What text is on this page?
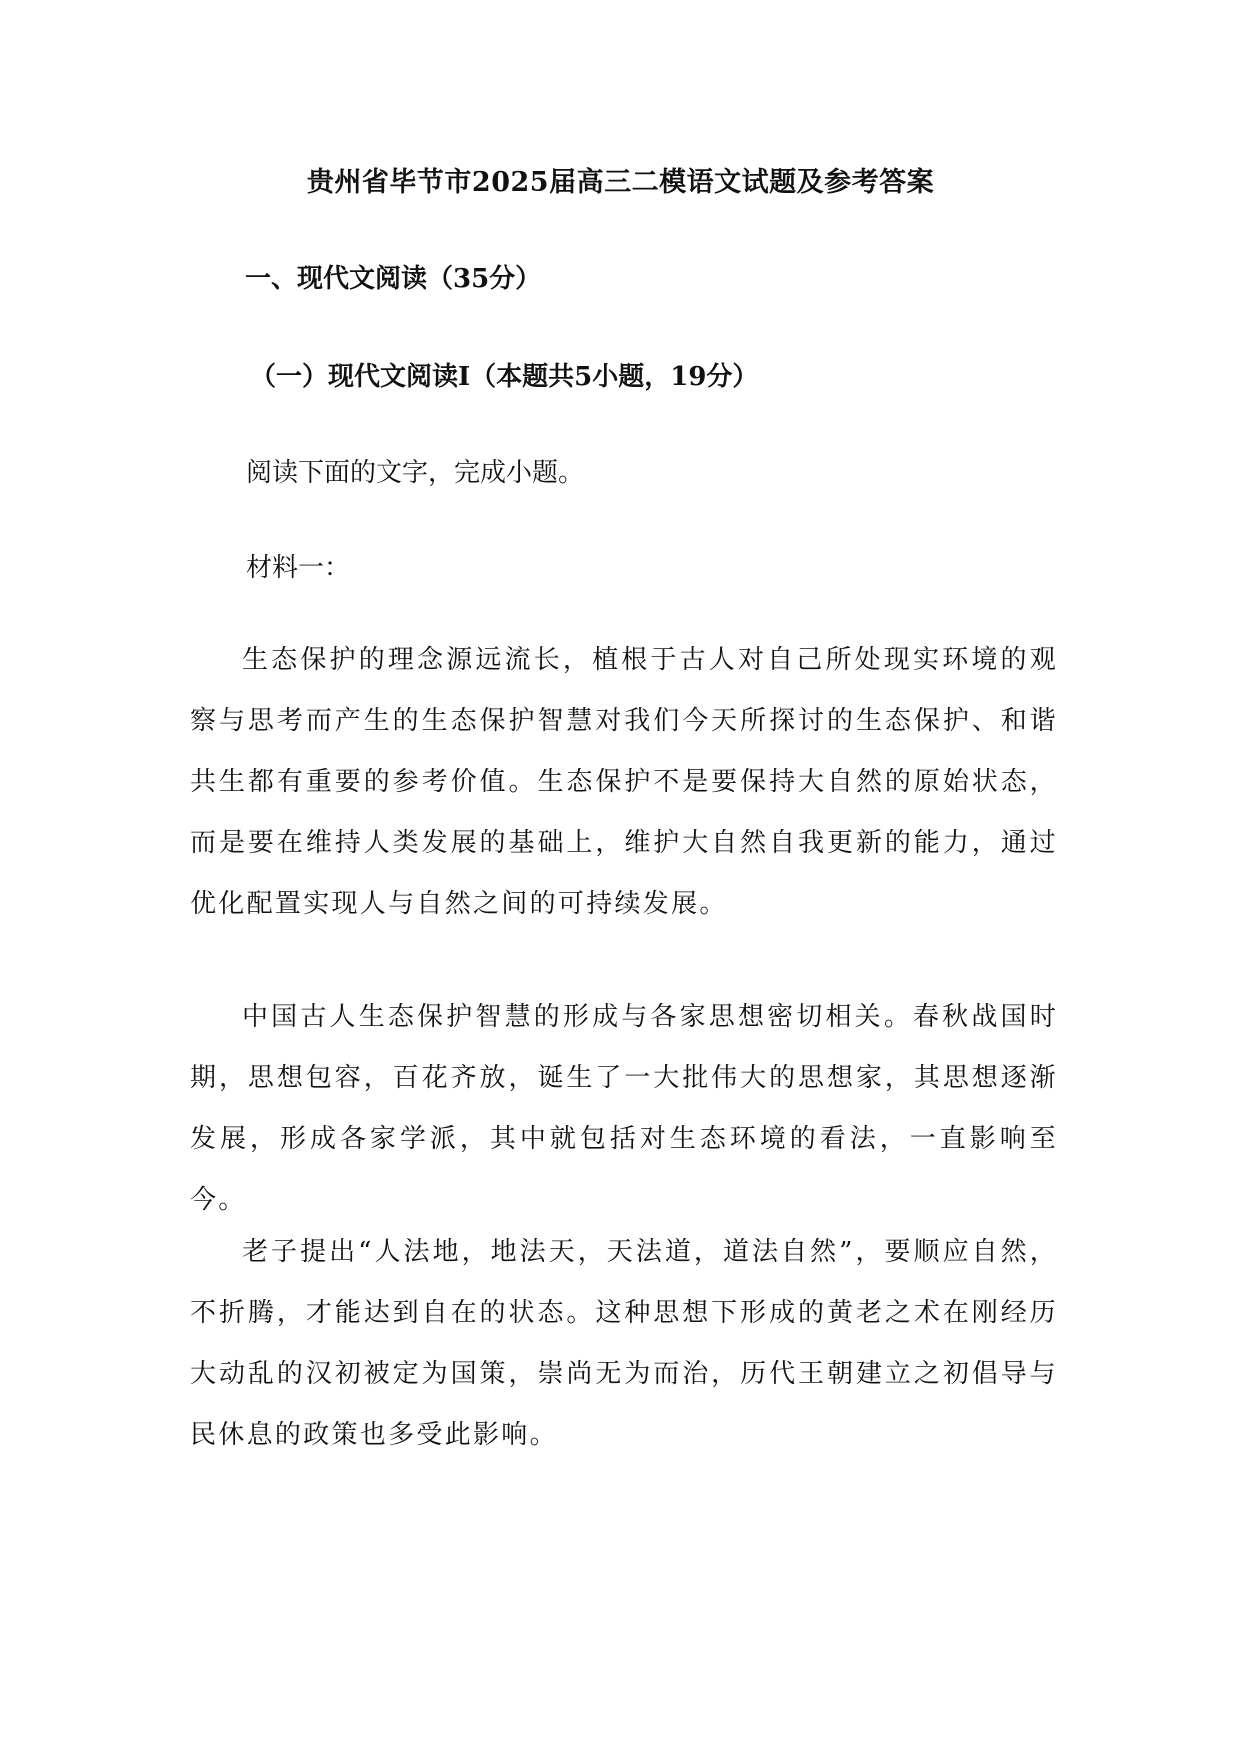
贵州省毕节市2025届高三二模语文试题及参考答案
一、现代文阅读（35分）
（一）现代文阅读Ⅰ（本题共5小题，19分）
阅读下面的文字，完成小题。
材料一：

生态保护的理念源远流长，植根于古人对自己所处现实环境的观察与思考而产生的生态保护智慧对我们今天所探讨的生态保护、和谐共生都有重要的参考价值。生态保护不是要保持大自然的原始状态，而是要在维持人类发展的基础上，维护大自然自我更新的能力，通过优化配置实现人与自然之间的可持续发展。

中国古人生态保护智慧的形成与各家思想密切相关。春秋战国时期，思想包容，百花齐放，诞生了一大批伟大的思想家，其思想逐渐发展，形成各家学派，其中就包括对生态环境的看法，一直影响至今。

老子提出“人法地，地法天，天法道，道法自然”，要顺应自然，不折腾，才能达到自在的状态。这种思想下形成的黄老之术在刚经历大动乱的汉初被定为国策，崇尚无为而治，历代王朝建立之初倡导与民休息的政策也多受此影响。
